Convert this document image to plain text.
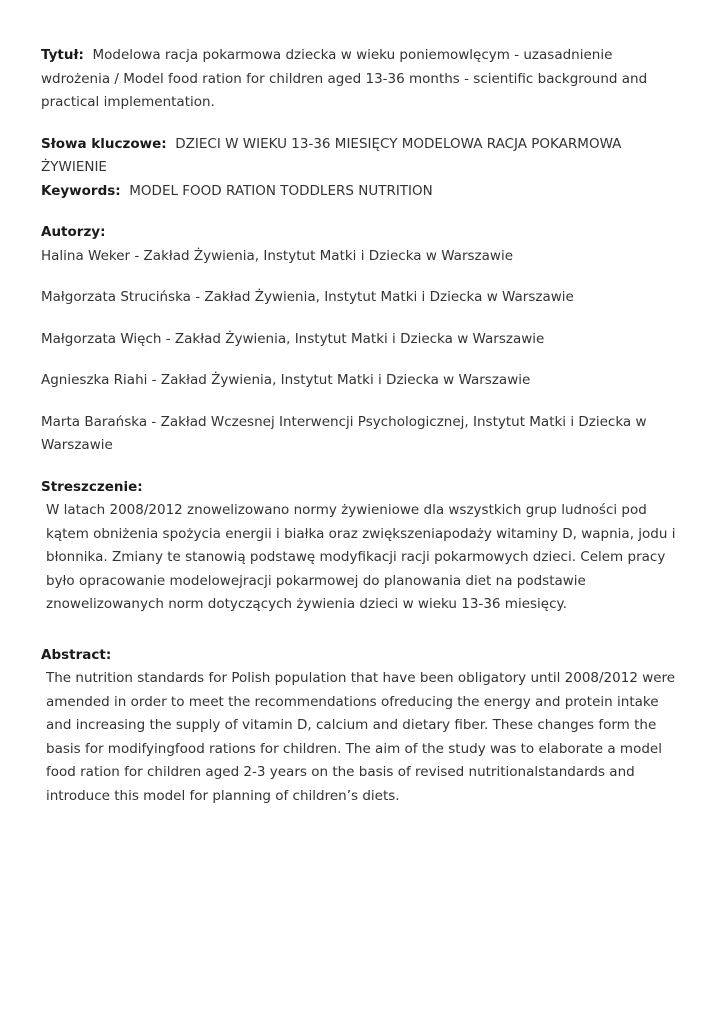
Tytuł: Modelowa racja pokarmowa dziecka w wieku poniemowlęcym - uzasadnienie wdrożenia / Model food ration for children aged 13-36 months - scientific background and practical implementation.

Słowa kluczowe: DZIECI W WIEKU 13-36 MIESIĘCY MODELOWA RACJA POKARMOWA ŻYWIENIE

Keywords: MODEL FOOD RATION TODDLERS NUTRITION

Autorzy:

Halina Weker - Zakład Żywienia, Instytut Matki i Dziecka w Warszawie

Małgorzata Strucińska - Zakład Żywienia, Instytut Matki i Dziecka w Warszawie

Małgorzata Więch - Zakład Żywienia, Instytut Matki i Dziecka w Warszawie

Agnieszka Riahi - Zakład Żywienia, Instytut Matki i Dziecka w Warszawie

Marta Barańska - Zakład Wczesnej Interwencji Psychologicznej, Instytut Matki i Dziecka w Warszawie

Streszczenie:

W latach 2008/2012 znowelizowano normy żywieniowe dla wszystkich grup ludności pod kątem obniżenia spożycia energii i białka oraz zwiększeniapodaży witaminy D, wapnia, jodu i błonnika. Zmiany te stanowią podstawę modyfikacji racji pokarmowych dzieci. Celem pracy było opracowanie modelowejracji pokarmowej do planowania diet na podstawie znowelizowanych norm dotyczących żywienia dzieci w wieku 13-36 miesięcy.

Abstract:

The nutrition standards for Polish population that have been obligatory until 2008/2012 were amended in order to meet the recommendations ofreducing the energy and protein intake and increasing the supply of vitamin D, calcium and dietary fiber. These changes form the basis for modifyingfood rations for children. The aim of the study was to elaborate a model food ration for children aged 2-3 years on the basis of revised nutritionalstandards and introduce this model for planning of children’s diets.
